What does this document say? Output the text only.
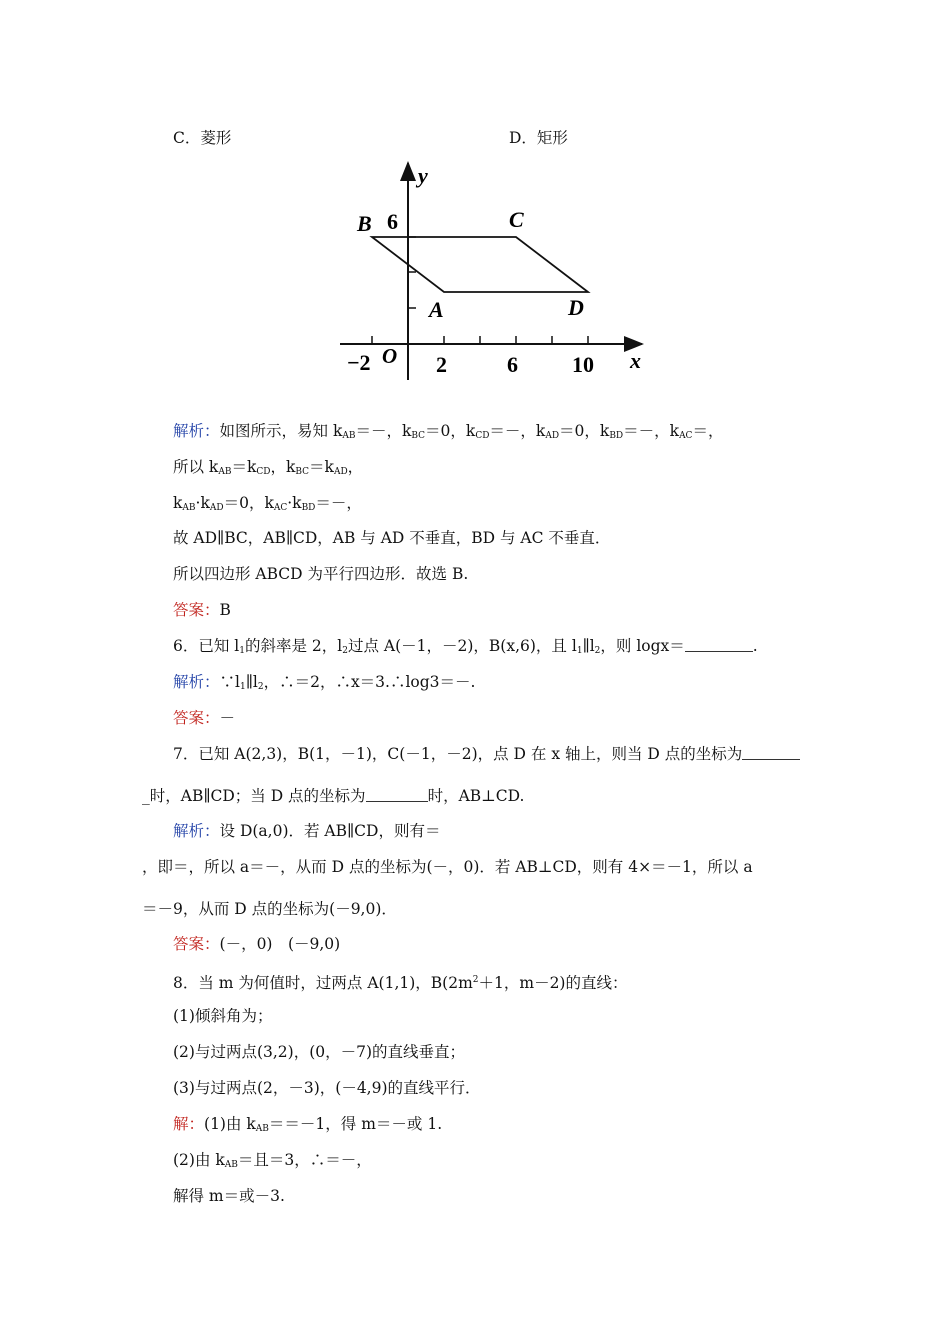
C．菱形	D．矩形
y
x
O
−2	2	6 10
6
B	C
A	D
解析：如图所示，易知 $k_{AB}=-$，$k_{BC}=0$，$k_{CD}=-$，$k_{AD}=0$，$k_{BD}=-$，$k_{AC}=$，
所以 $k_{AB}=k_{CD}$，$k_{BC}=k_{AD}$，
$k_{AB}\cdot k_{AD}=0$，$k_{AC}\cdot k_{BD}=-$，
故 AD∥BC，AB∥CD，AB 与 AD 不垂直，BD 与 AC 不垂直．
所以四边形 ABCD 为平行四边形．故选 B.
答案：B
6．已知 $l_1$的斜率是 2，$l_2$过点 A(－1，－2)，B(x,6)，且 $l_1\parallel l_2$，则 logx＝	.
解析：$\because l_1\parallel l_2$，∴＝2，∴x＝3.∴log3＝－.
答案：－
7．已知 A(2,3)，B(1，－1)，C(－1，－2)，点 D 在 x 轴上，则当 D 点的坐标为
_时，AB∥CD；当 D 点的坐标为	时，AB⊥CD.
解析：设 D(a,0)．若 AB∥CD，则有＝
，即＝，所以 a＝－，从而 D 点的坐标为(－，0)．若 AB⊥CD，则有 4×＝－1，所以 a
＝－9，从而 D 点的坐标为(－9,0)．
答案：(－，0)　(－9,0)
8．当 m 为何值时，过两点 A(1,1)，$B(2m^2+1$，m－2)的直线：
(1)倾斜角为；
(2)与过两点(3,2)，(0，－7)的直线垂直；
(3)与过两点(2，－3)，(－4,9)的直线平行．
解：(1)由 $k_{AB}==-1$，得 m＝－或 1.
(2)由 $k_{AB}=$且＝3，∴＝－，
解得 m＝或－3.
